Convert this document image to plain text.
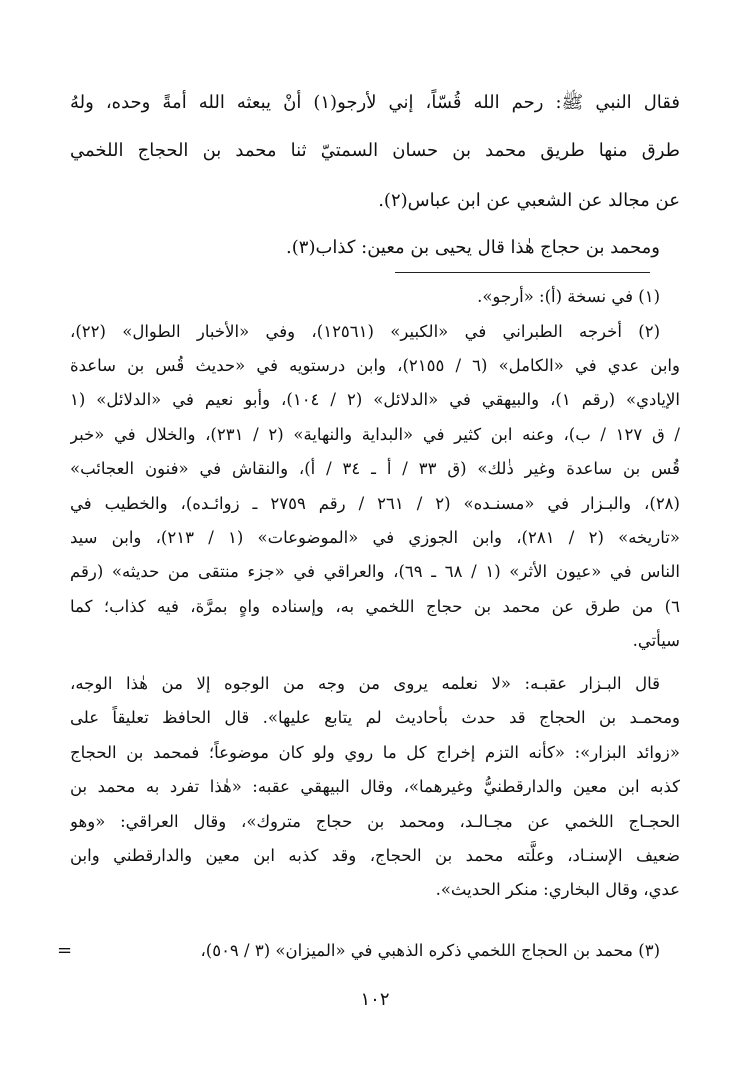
فقال النبي ﷺ: رحم الله قُسّاً، إني لأرجو(١) أنْ يبعثه الله أمةً وحده، ولهُ
طرق منها طريق محمد بن حسان السمتيّ ثنا محمد بن الحجاج اللخمي
عن مجالد عن الشعبي عن ابن عباس(٢).
ومحمد بن حجاج هٰذا قال يحيى بن معين: كذاب(٣).
(١) في نسخة (أ): «أرجو».
(٢) أخرجه الطبراني في «الكبير» (١٢٥٦١)، وفي «الأخبار الطوال» (٢٢)،
وابن عدي في «الكامل» (٦ / ٢١٥٥)، وابن درستويه في «حديث قُس بن ساعدة
الإيادي» (رقم ١)، والبيهقي في «الدلائل» (٢ / ١٠٤)، وأبو نعيم في «الدلائل» (١
/ ق ١٢٧ / ب)، وعنه ابن كثير في «البداية والنهاية» (٢ / ٢٣١)، والخلال في «خبر
قُس بن ساعدة وغير ذٰلك» (ق ٣٣ / أ ـ ٣٤ / أ)، والنقاش في «فنون العجائب»
(٢٨)، والبـزار في «مسنـده» (٢ / ٢٦١ / رقم ٢٧٥٩ ـ زوائـده)، والخطيب في
«تاريخه» (٢ / ٢٨١)، وابن الجوزي في «الموضوعات» (١ / ٢١٣)، وابن سيد
الناس في «عيون الأثر» (١ / ٦٨ ـ ٦٩)، والعراقي في «جزء منتقى من حديثه» (رقم
٦) من طرق عن محمد بن حجاج اللخمي به، وإسناده واهٍ بمرَّة، فيه كذاب؛ كما
سيأتي.
قال البـزار عقبـه: «لا نعلمه يروى من وجه من الوجوه إلا من هٰذا الوجه،
ومحمـد بن الحجاج قد حدث بأحاديث لم يتابع عليها». قال الحافظ تعليقاً على
«زوائد البزار»: «كأنه التزم إخراج كل ما روي ولو كان موضوعاً؛ فمحمد بن الحجاج
كذبه ابن معين والدارقطنيُّ وغيرهما»، وقال البيهقي عقبه: «هٰذا تفرد به محمد بن
الحجـاج اللخمي عن مجـالـد، ومحمد بن حجاج متروك»، وقال العراقي: «وهو
ضعيف الإسنـاد، وعلَّته محمد بن الحجاج، وقد كذبه ابن معين والدارقطني وابن
عدي، وقال البخاري: منكر الحديث».
(٣) محمد بن الحجاج اللخمي ذكره الذهبي في «الميزان» (٣ / ٥٠٩)،
=
١٠٢
